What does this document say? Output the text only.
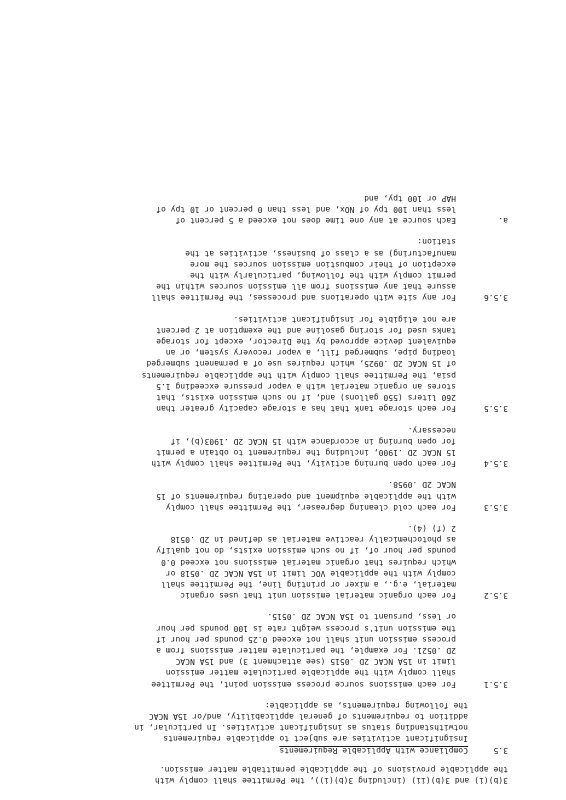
3(b)(i) and 3(b)(ii) (including 3(b)(i)), the Permittee shall comply with
the applicable provisions of the applicable permittable matter emission.
3.5
Compliance with Applicable Requirements
Insignificant activities are subject to applicable requirements
notwithstanding status as insignificant activities. In particular, in
addition to requirements of general applicability, and/or 15A NCAC
the following requirements, as applicable:
3.5.1
For each emissions source process emission point, the Permittee
shall comply with the applicable particulate matter emission
limit in 15A NCAC 2D .0515 (see attachment 3) and 15A NCAC
2D .0521. For example, the particulate matter emissions from a
process emission unit shall not exceed 0.25 pounds per hour if
the emission unit's process weight rate is 100 pounds per hour
or less, pursuant to 15A NCAC 2D .0515.
3.5.2
For each organic material emission unit that uses organic
material, e.g., a mixer or printing line, the Permittee shall
comply with the applicable VOC limit in 15A NCAC 2D .0518 or
which requires that organic material emissions not exceed 0.0
pounds per hour of, if no such emission exists, do not qualify
as photochemically reactive material as defined in 2D .0518
2 (f) (4).
3.5.3
For each cold cleaning degreaser, the Permittee shall comply
with the applicable equipment and operating requirements of 15
NCAC 2D .0958.
3.5.4
For each open burning activity, the Permittee shall comply with
15 NCAC 2D .1900, including the requirement to obtain a permit
for open burning in accordance with 15 NCAC 2D .1903(b), if
necessary.
3.5.5
For each storage tank that has a storage capacity greater than
260 liters (550 gallons) and, if no such emission exists, that
stores an organic material with a vapor pressure exceeding 1.5
psia, the Permittee shall comply with the applicable requirements
of 15 NCAC 2D .0925, which requires use of a permanent submerged
loading pipe, submerged fill, a vapor recovery system, or an
equivalent device approved by the Director, except for storage
tanks used for storing gasoline and the exemption at 2 percent
are not eligible for insignificant activities.
3.5.6
For any site with operations and processes, the Permittee shall
assure that any emissions from all emission sources within the
permit comply with the following, particularly with the
exception of their combustion emission sources the more
manufacturing) as a class of business, activities at the
station:
a.
Each source at any one time does not exceed a 5 percent of
less than 100 tpy of NOx, and less than 0 percent or 10 tpy of
HAP or 100 tpy, and
